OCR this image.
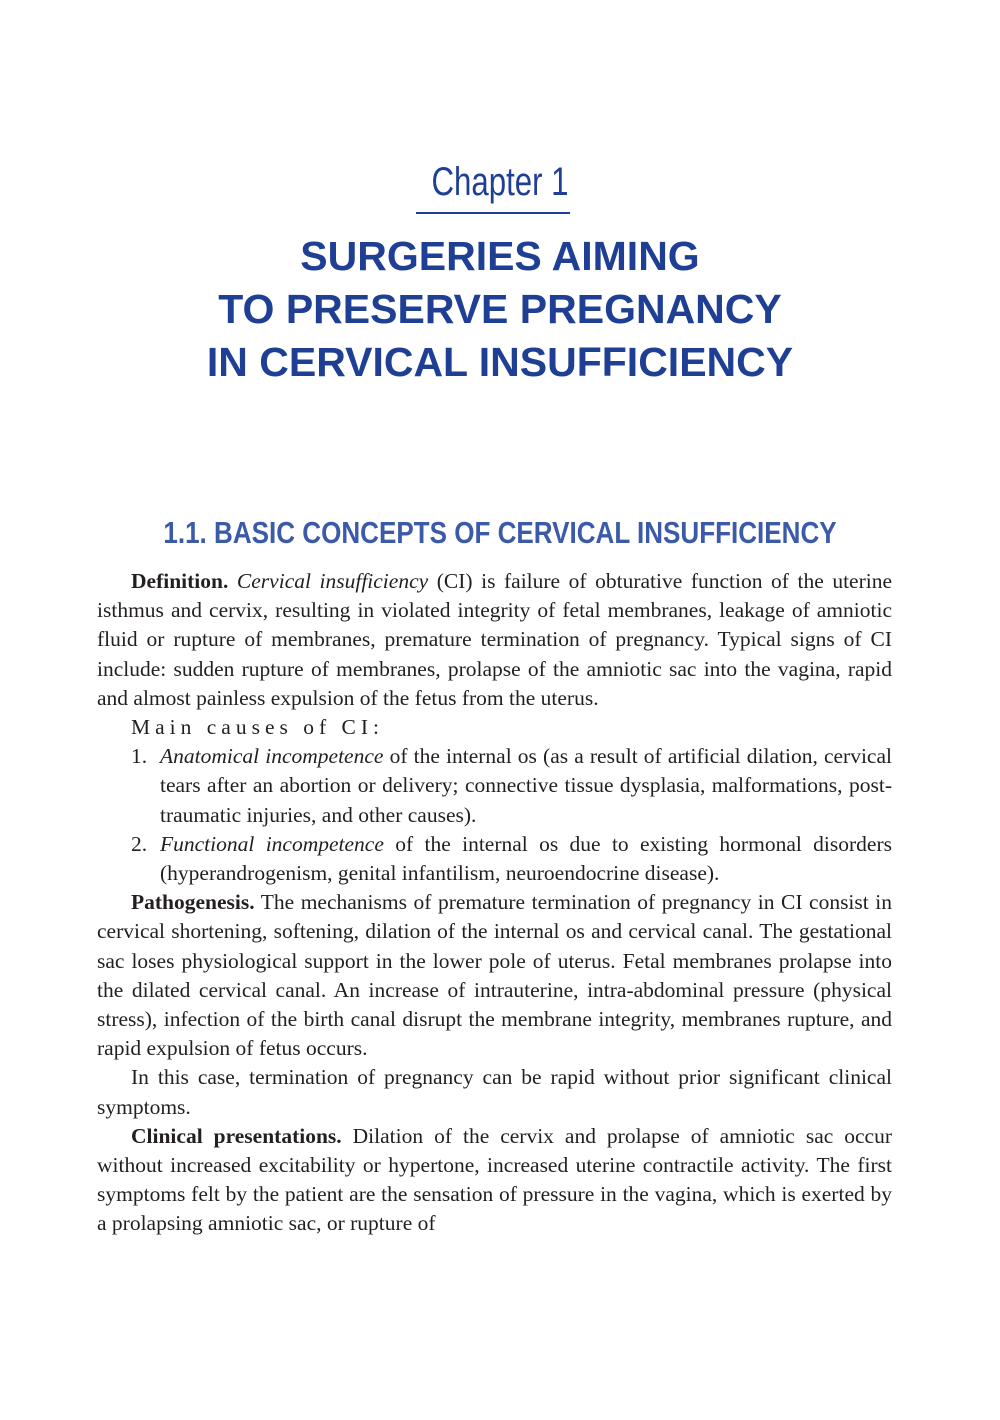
Chapter 1
SURGERIES AIMING
TO PRESERVE PREGNANCY
IN CERVICAL INSUFFICIENCY
1.1. BASIC CONCEPTS OF CERVICAL INSUFFICIENCY

Definition. Cervical insufficiency (CI) is failure of obturative function of the uterine isthmus and cervix, resulting in violated integrity of fetal membranes, leakage of amniotic fluid or rupture of membranes, premature termination of pregnancy. Typical signs of CI include: sudden rupture of membranes, prolapse of the amniotic sac into the vagina, rapid and almost painless expulsion of the fetus from the uterus.

Main causes of CI:

1. Anatomical incompetence of the internal os (as a result of artificial dilation, cervical tears after an abortion or delivery; connective tissue dysplasia, malformations, post-traumatic injuries, and other causes).
2. Functional incompetence of the internal os due to existing hormonal disorders (hyperandrogenism, genital infantilism, neuroendocrine disease).

Pathogenesis. The mechanisms of premature termination of pregnancy in CI consist in cervical shortening, softening, dilation of the internal os and cervical canal. The gestational sac loses physiological support in the lower pole of uterus. Fetal membranes prolapse into the dilated cervical canal. An increase of intrauterine, intra-abdominal pressure (physical stress), infection of the birth canal disrupt the membrane integrity, membranes rupture, and rapid expulsion of fetus occurs.

In this case, termination of pregnancy can be rapid without prior significant clinical symptoms.

Clinical presentations. Dilation of the cervix and prolapse of amniotic sac occur without increased excitability or hypertone, increased uterine contractile activity. The first symptoms felt by the patient are the sensation of pressure in the vagina, which is exerted by a prolapsing amniotic sac, or rupture of
